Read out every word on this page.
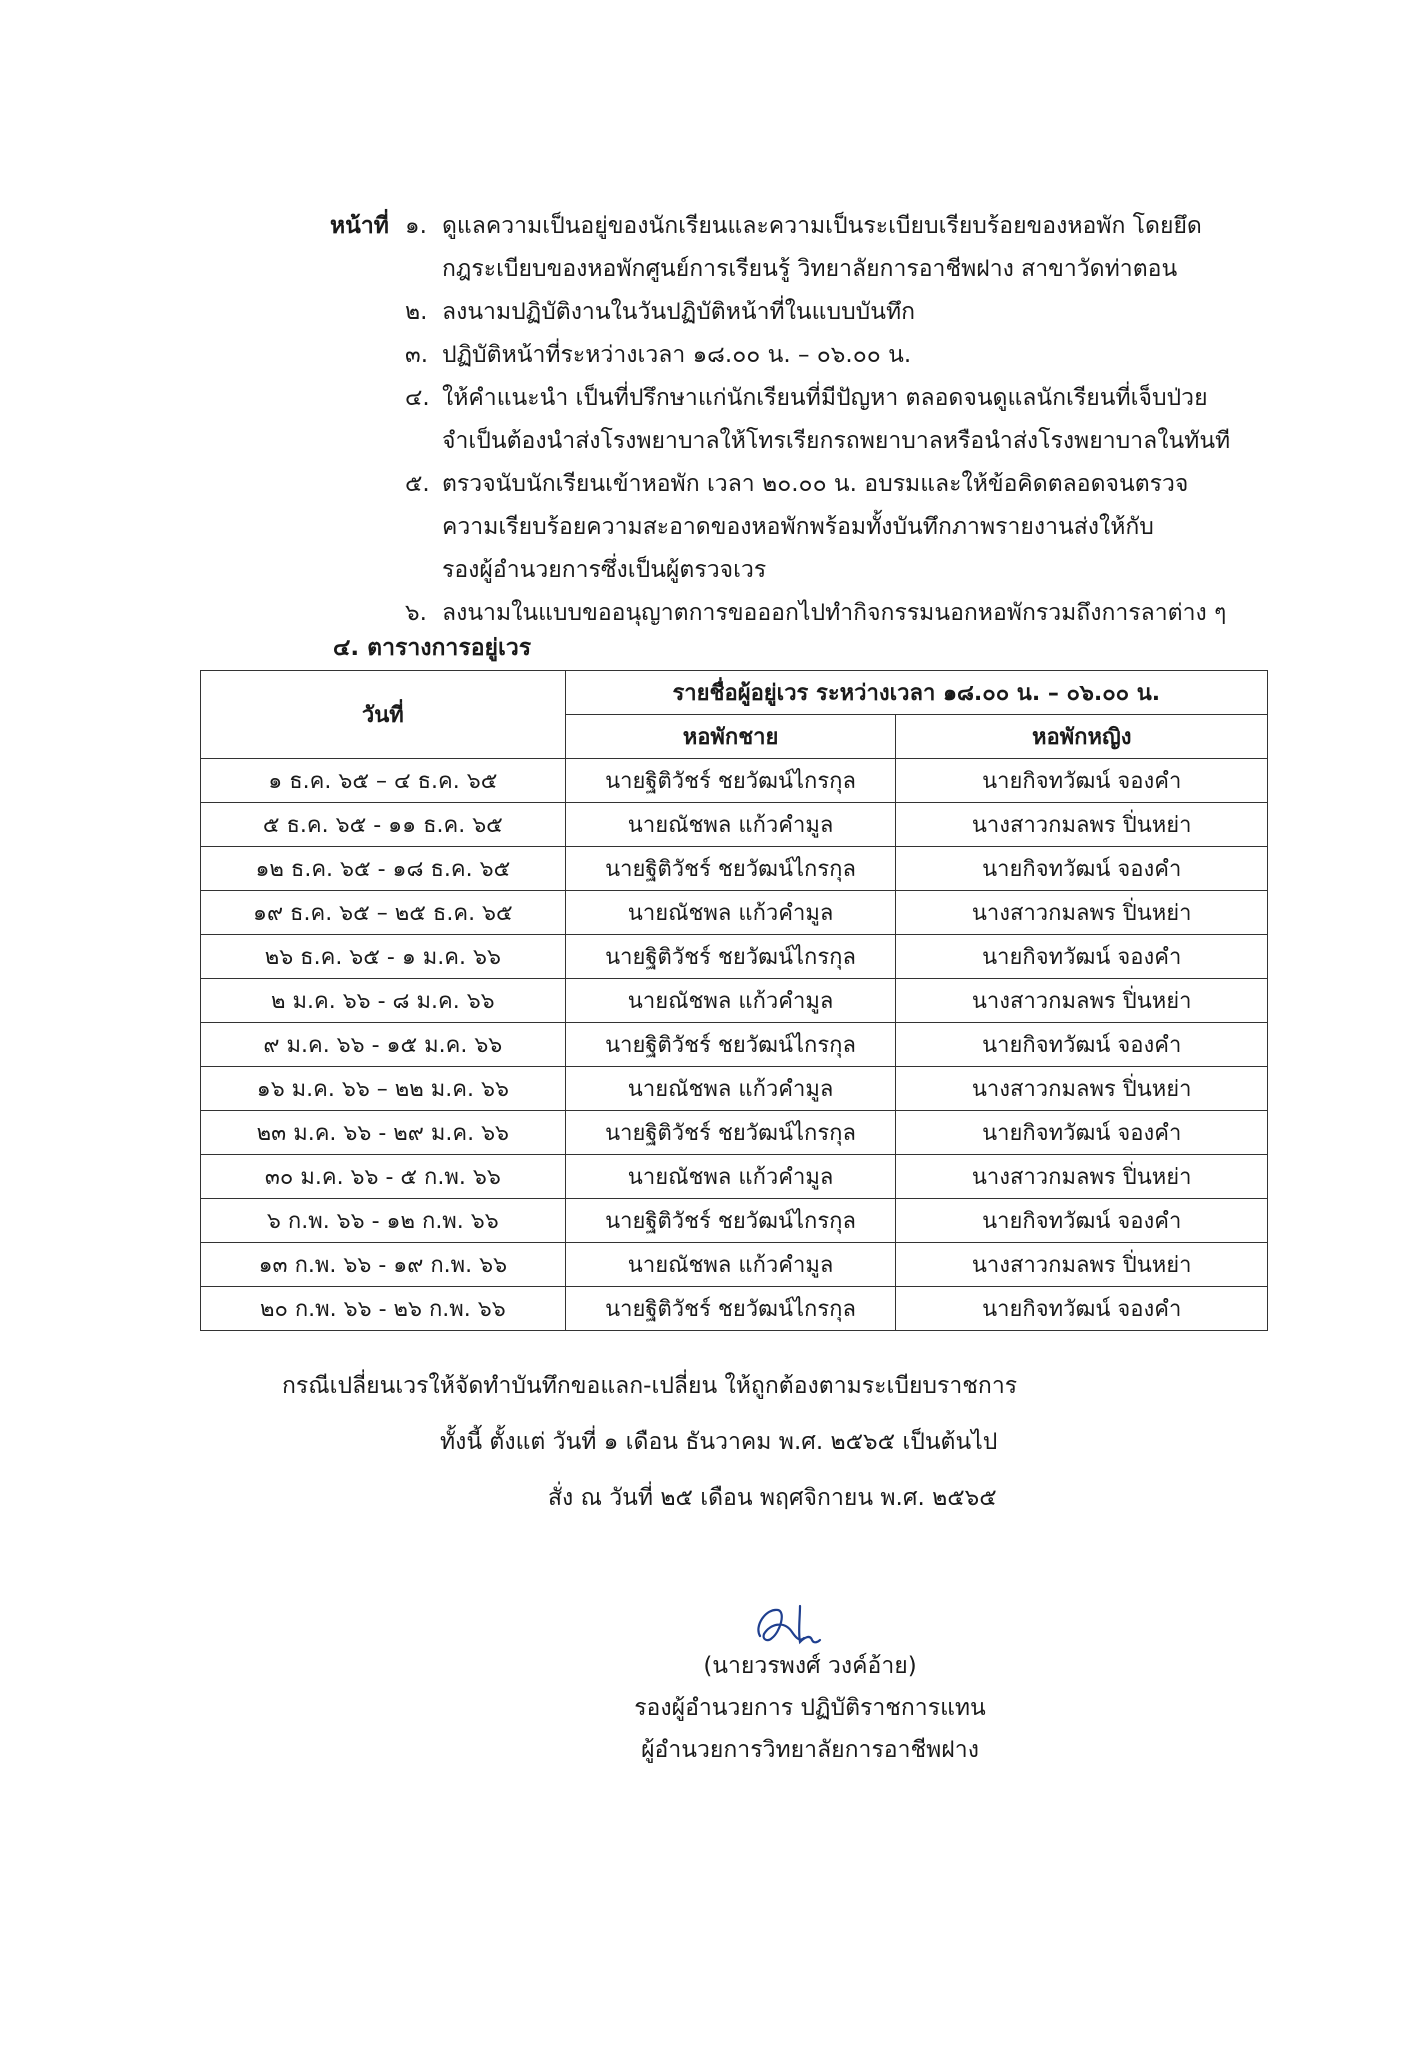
หน้าที่ ๑. ดูแลความเป็นอยู่ของนักเรียนและความเป็นระเบียบเรียบร้อยของหอพัก โดยยึด
กฎระเบียบของหอพักศูนย์การเรียนรู้ วิทยาลัยการอาชีพฝาง สาขาวัดท่าตอน
๒. ลงนามปฏิบัติงานในวันปฏิบัติหน้าที่ในแบบบันทึก
๓. ปฏิบัติหน้าที่ระหว่างเวลา ๑๘.๐๐ น. – ๐๖.๐๐ น.
๔. ให้คำแนะนำ เป็นที่ปรึกษาแก่นักเรียนที่มีปัญหา ตลอดจนดูแลนักเรียนที่เจ็บป่วย
จำเป็นต้องนำส่งโรงพยาบาลให้โทรเรียกรถพยาบาลหรือนำส่งโรงพยาบาลในทันที
๕. ตรวจนับนักเรียนเข้าหอพัก เวลา ๒๐.๐๐ น. อบรมและให้ข้อคิดตลอดจนตรวจ
ความเรียบร้อยความสะอาดของหอพักพร้อมทั้งบันทึกภาพรายงานส่งให้กับ
รองผู้อำนวยการซึ่งเป็นผู้ตรวจเวร
๖. ลงนามในแบบขออนุญาตการขอออกไปทำกิจกรรมนอกหอพักรวมถึงการลาต่าง ๆ
๔. ตารางการอยู่เวร
วันที่	รายชื่อผู้อยู่เวร ระหว่างเวลา ๑๘.๐๐ น. – ๐๖.๐๐ น.	
	หอพักชาย	หอพักหญิง
๑ ธ.ค. ๖๕ – ๔ ธ.ค. ๖๕	นายฐิติวัชร์ ชยวัฒน์ไกรกุล	นายกิจทวัฒน์ จองคำ
๕ ธ.ค. ๖๕ - ๑๑ ธ.ค. ๖๕	นายณัชพล แก้วคำมูล	นางสาวกมลพร ปิ่นหย่า
๑๒ ธ.ค. ๖๕ - ๑๘ ธ.ค. ๖๕	นายฐิติวัชร์ ชยวัฒน์ไกรกุล	นายกิจทวัฒน์ จองคำ
๑๙ ธ.ค. ๖๕ – ๒๕ ธ.ค. ๖๕	นายณัชพล แก้วคำมูล	นางสาวกมลพร ปิ่นหย่า
๒๖ ธ.ค. ๖๕ - ๑ ม.ค. ๖๖	นายฐิติวัชร์ ชยวัฒน์ไกรกุล	นายกิจทวัฒน์ จองคำ
๒ ม.ค. ๖๖ - ๘ ม.ค. ๖๖	นายณัชพล แก้วคำมูล	นางสาวกมลพร ปิ่นหย่า
๙ ม.ค. ๖๖ - ๑๕ ม.ค. ๖๖	นายฐิติวัชร์ ชยวัฒน์ไกรกุล	นายกิจทวัฒน์ จองคำ
๑๖ ม.ค. ๖๖ – ๒๒ ม.ค. ๖๖	นายณัชพล แก้วคำมูล	นางสาวกมลพร ปิ่นหย่า
๒๓ ม.ค. ๖๖ - ๒๙ ม.ค. ๖๖	นายฐิติวัชร์ ชยวัฒน์ไกรกุล	นายกิจทวัฒน์ จองคำ
๓๐ ม.ค. ๖๖ - ๕ ก.พ. ๖๖	นายณัชพล แก้วคำมูล	นางสาวกมลพร ปิ่นหย่า
๖ ก.พ. ๖๖ - ๑๒ ก.พ. ๖๖	นายฐิติวัชร์ ชยวัฒน์ไกรกุล	นายกิจทวัฒน์ จองคำ
๑๓ ก.พ. ๖๖ - ๑๙ ก.พ. ๖๖	นายณัชพล แก้วคำมูล	นางสาวกมลพร ปิ่นหย่า
๒๐ ก.พ. ๖๖ - ๒๖ ก.พ. ๖๖	นายฐิติวัชร์ ชยวัฒน์ไกรกุล	นายกิจทวัฒน์ จองคำ
กรณีเปลี่ยนเวรให้จัดทำบันทึกขอแลก-เปลี่ยน ให้ถูกต้องตามระเบียบราชการ
ทั้งนี้ ตั้งแต่ วันที่ ๑ เดือน ธันวาคม พ.ศ. ๒๕๖๕ เป็นต้นไป
สั่ง ณ วันที่ ๒๕ เดือน พฤศจิกายน พ.ศ. ๒๕๖๕
(นายวรพงศ์ วงค์อ้าย)
รองผู้อำนวยการ ปฏิบัติราชการแทน
ผู้อำนวยการวิทยาลัยการอาชีพฝาง
